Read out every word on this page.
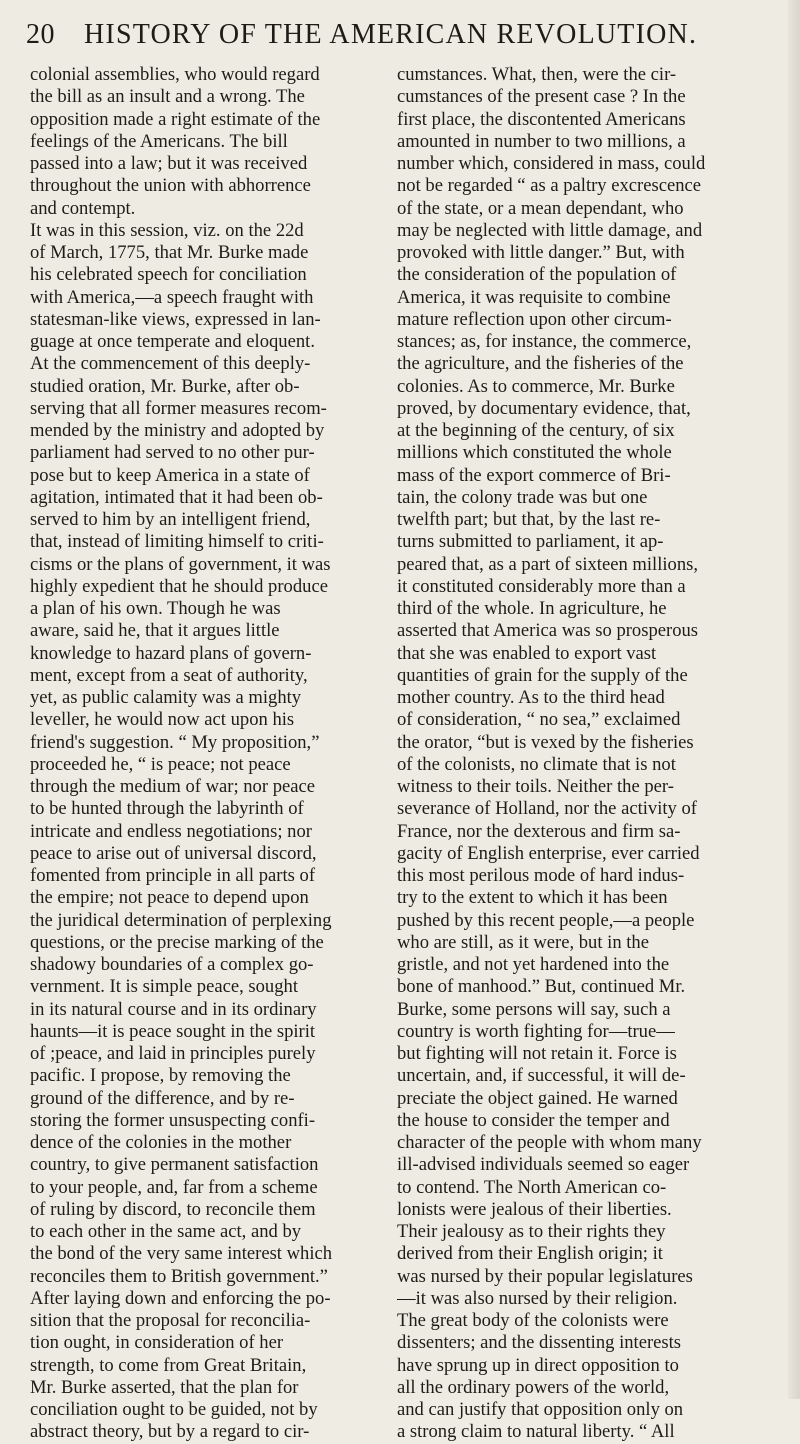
20 HISTORY OF THE AMERICAN REVOLUTION.
colonial assemblies, who would regard
the bill as an insult and a wrong. The
opposition made a right estimate of the
feelings of the Americans. The bill
passed into a law; but it was received
throughout the union with abhorrence
and contempt.
It was in this session, viz. on the 22d
of March, 1775, that Mr. Burke made
his celebrated speech for conciliation
with America,—a speech fraught with
statesman-like views, expressed in lan-
guage at once temperate and eloquent.
At the commencement of this deeply-
studied oration, Mr. Burke, after ob-
serving that all former measures recom-
mended by the ministry and adopted by
parliament had served to no other pur-
pose but to keep America in a state of
agitation, intimated that it had been ob-
served to him by an intelligent friend,
that, instead of limiting himself to criti-
cisms or the plans of government, it was
highly expedient that he should produce
a plan of his own. Though he was
aware, said he, that it argues little
knowledge to hazard plans of govern-
ment, except from a seat of authority,
yet, as public calamity was a mighty
leveller, he would now act upon his
friend's suggestion. “ My proposition,”
proceeded he, “ is peace; not peace
through the medium of war; nor peace
to be hunted through the labyrinth of
intricate and endless negotiations; nor
peace to arise out of universal discord,
fomented from principle in all parts of
the empire; not peace to depend upon
the juridical determination of perplexing
questions, or the precise marking of the
shadowy boundaries of a complex go-
vernment. It is simple peace, sought
in its natural course and in its ordinary
haunts—it is peace sought in the spirit
of ;peace, and laid in principles purely
pacific. I propose, by removing the
ground of the difference, and by re-
storing the former unsuspecting confi-
dence of the colonies in the mother
country, to give permanent satisfaction
to your people, and, far from a scheme
of ruling by discord, to reconcile them
to each other in the same act, and by
the bond of the very same interest which
reconciles them to British government.”
After laying down and enforcing the po-
sition that the proposal for reconcilia-
tion ought, in consideration of her
strength, to come from Great Britain,
Mr. Burke asserted, that the plan for
conciliation ought to be guided, not by
abstract theory, but by a regard to cir-
cumstances. What, then, were the cir-
cumstances of the present case ? In the
first place, the discontented Americans
amounted in number to two millions, a
number which, considered in mass, could
not be regarded “ as a paltry excrescence
of the state, or a mean dependant, who
may be neglected with little damage, and
provoked with little danger.” But, with
the consideration of the population of
America, it was requisite to combine
mature reflection upon other circum-
stances; as, for instance, the commerce,
the agriculture, and the fisheries of the
colonies. As to commerce, Mr. Burke
proved, by documentary evidence, that,
at the beginning of the century, of six
millions which constituted the whole
mass of the export commerce of Bri-
tain, the colony trade was but one
twelfth part; but that, by the last re-
turns submitted to parliament, it ap-
peared that, as a part of sixteen millions,
it constituted considerably more than a
third of the whole. In agriculture, he
asserted that America was so prosperous
that she was enabled to export vast
quantities of grain for the supply of the
mother country. As to the third head
of consideration, “ no sea,” exclaimed
the orator, “but is vexed by the fisheries
of the colonists, no climate that is not
witness to their toils. Neither the per-
severance of Holland, nor the activity of
France, nor the dexterous and firm sa-
gacity of English enterprise, ever carried
this most perilous mode of hard indus-
try to the extent to which it has been
pushed by this recent people,—a people
who are still, as it were, but in the
gristle, and not yet hardened into the
bone of manhood.” But, continued Mr.
Burke, some persons will say, such a
country is worth fighting for—true—
but fighting will not retain it. Force is
uncertain, and, if successful, it will de-
preciate the object gained. He warned
the house to consider the temper and
character of the people with whom many
ill-advised individuals seemed so eager
to contend. The North American co-
lonists were jealous of their liberties.
Their jealousy as to their rights they
derived from their English origin; it
was nursed by their popular legislatures
—it was also nursed by their religion.
The great body of the colonists were
dissenters; and the dissenting interests
have sprung up in direct opposition to
all the ordinary powers of the world,
and can justify that opposition only on
a strong claim to natural liberty. “ All
